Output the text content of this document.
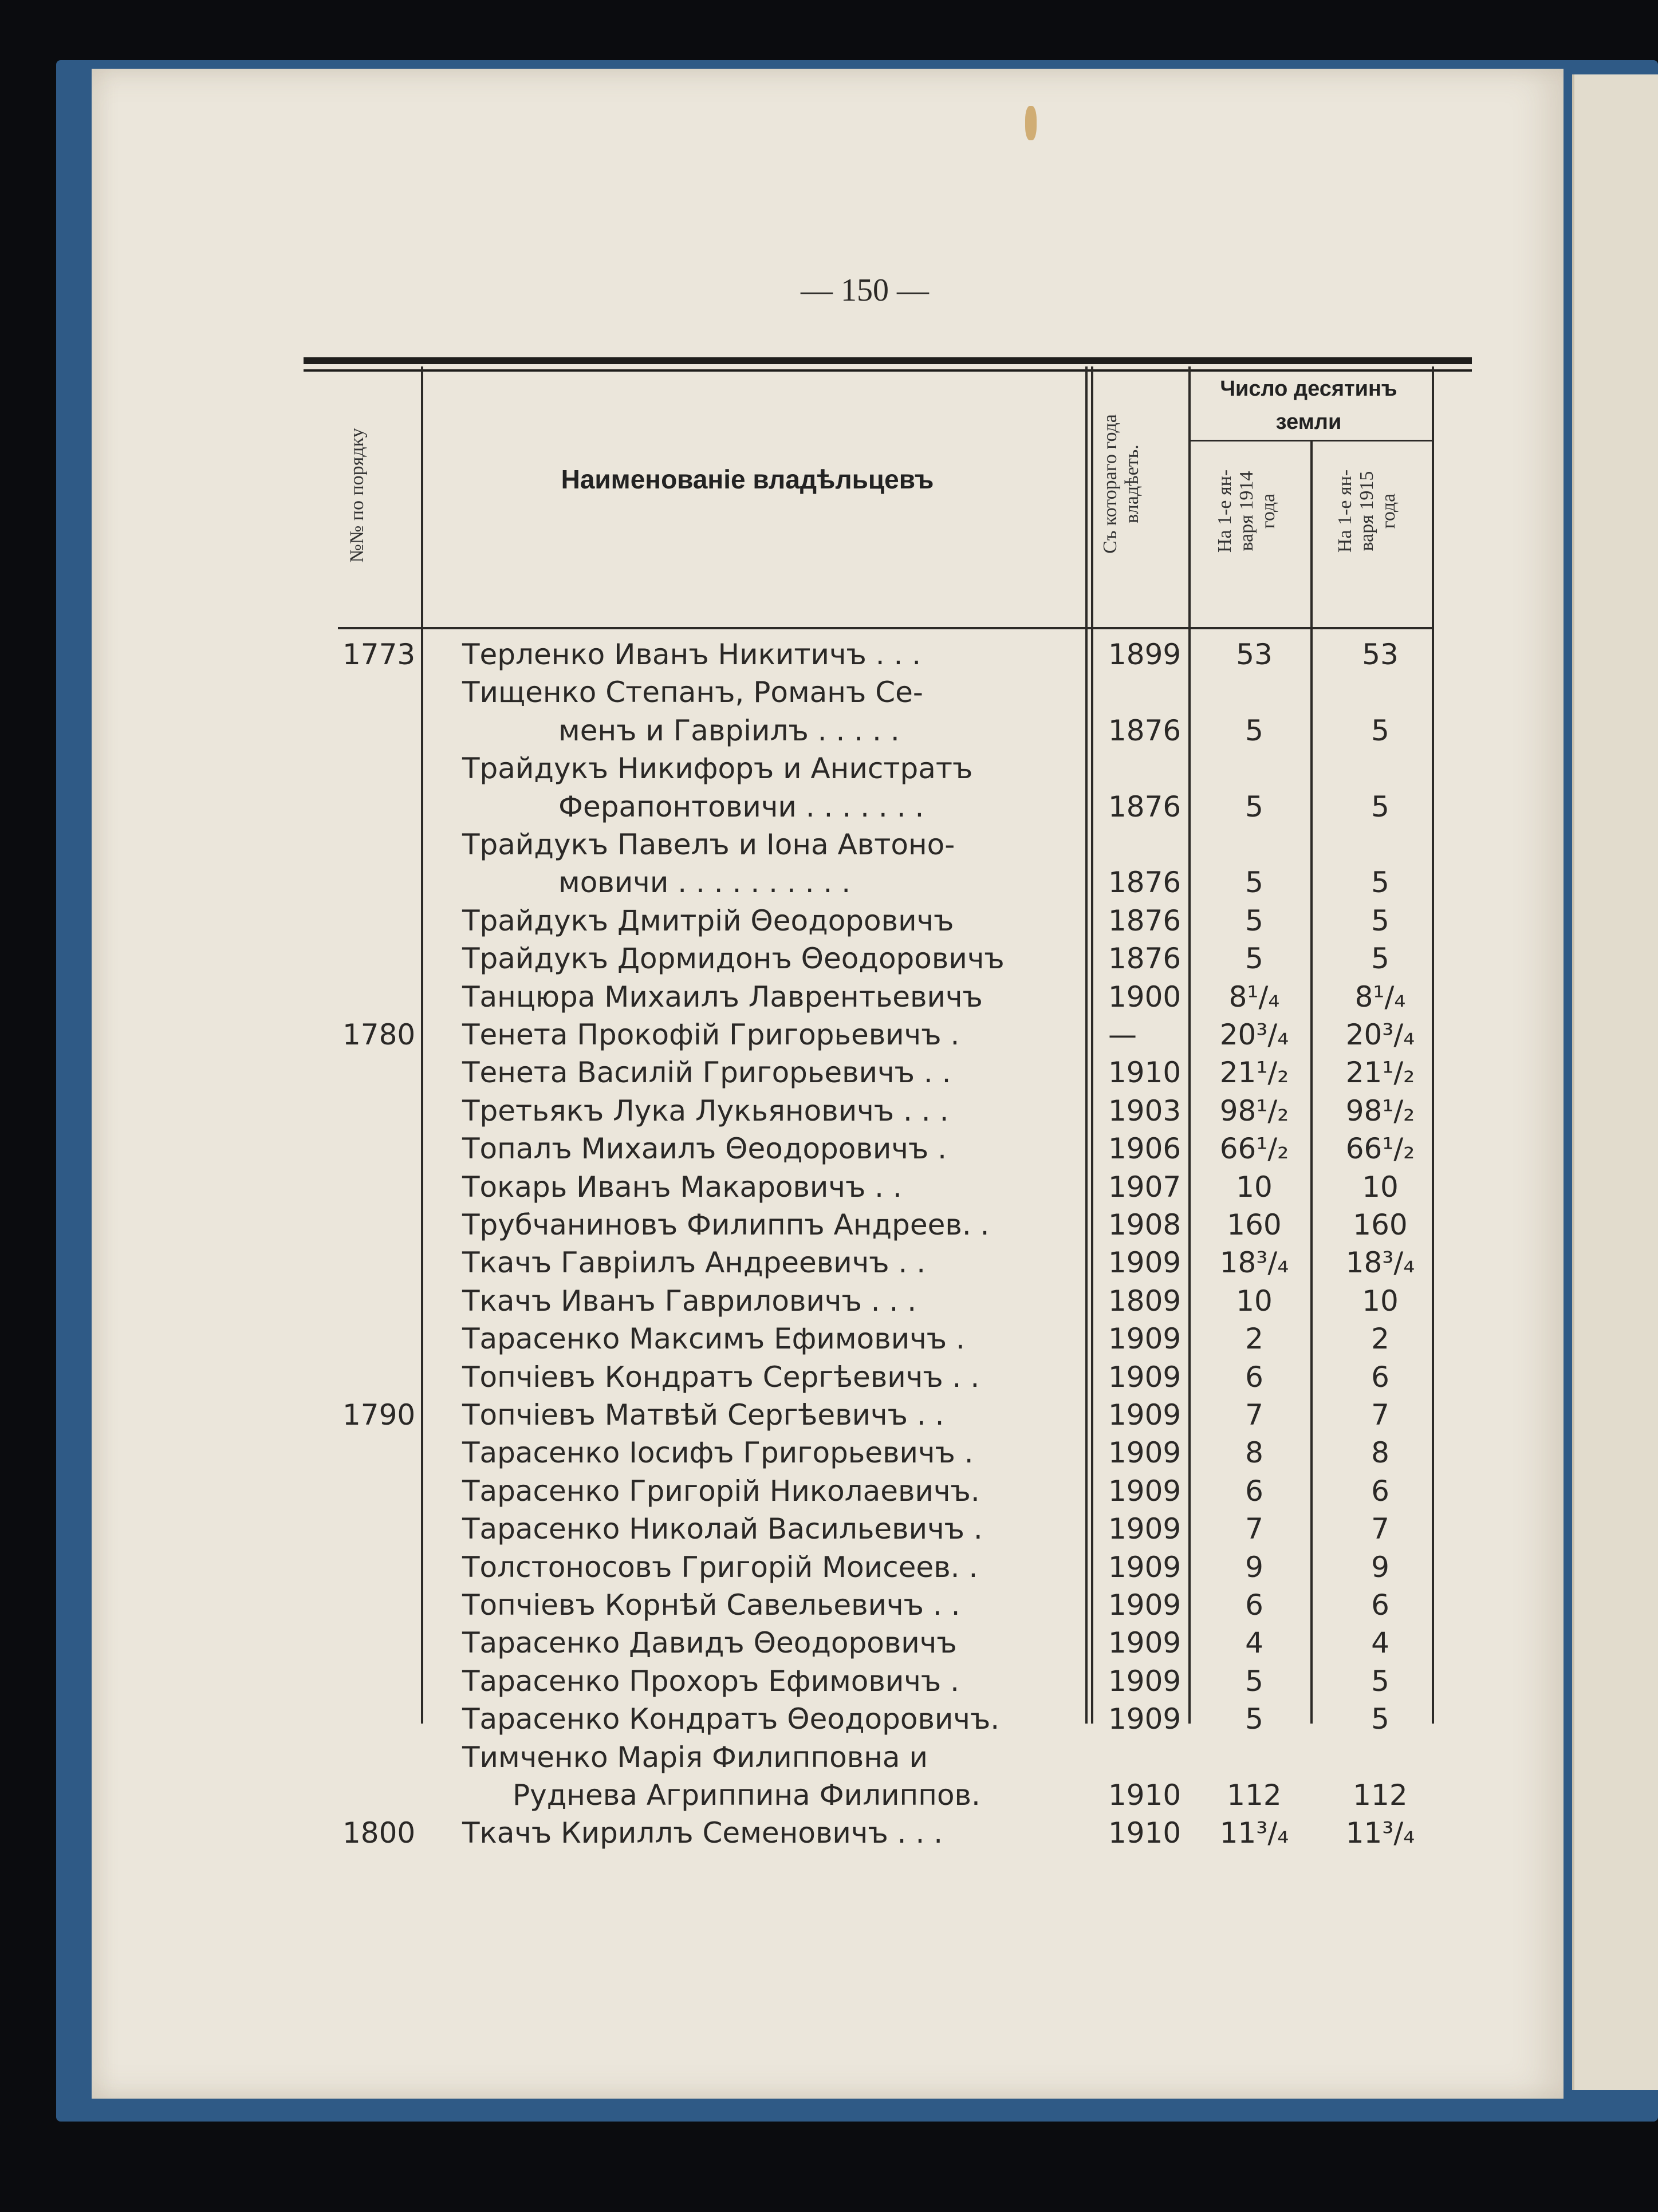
— 150 —
Наименованіе владѣльцевъ
Число десятинъ земли
№№ по порядку	Съ котораго года владѣеть.
На 1-е ян-
варя 1914
года
На 1-е ян-
варя 1915
года
1773 Терленко Иванъ Никитичъ . . .	1899	53	53
Тищенко Степанъ, Романъ Се-
менъ и Гавріилъ . . . . .	1876	5	5
Трайдукъ Никифоръ и Анистратъ
Ферапонтовичи . . . . . . .	1876	5	5
Трайдукъ Павелъ и Іона Автоно-
мовичи . . . . . . . . . .	1876	5	5
Трайдукъ Дмитрій Θеодоровичъ	1876	5	5
Трайдукъ Дормидонъ Θеодоровичъ	1876	5	5
Танцюра Михаилъ Лаврентьевичъ	1900	8¹/₄	8¹/₄
1780 Тенета Прокофій Григорьевичъ .	—	20³/₄	20³/₄
Тенета Василій Григорьевичъ . .	1910	21¹/₂	21¹/₂
Третьякъ Лука Лукьяновичъ . . .	1903	98¹/₂	98¹/₂
Топалъ Михаилъ Θеодоровичъ .	1906	66¹/₂	66¹/₂
Токарь Иванъ Макаровичъ . .	1907	10	10
Трубчаниновъ Филиппъ Андреев. .	1908	160	160
Ткачъ Гавріилъ Андреевичъ . .	1909	18³/₄	18³/₄
Ткачъ Иванъ Гавриловичъ . . .	1809	10	10
Тарасенко Максимъ Ефимовичъ .	1909	2	2
Топчіевъ Кондратъ Сергѣевичъ . .	1909	6	6
1790 Топчіевъ Матвѣй Сергѣевичъ . .	1909	7	7
Тарасенко Іосифъ Григорьевичъ .	1909	8	8
Тарасенко Григорій Николаевичъ.	1909	6	6
Тарасенко Николай Васильевичъ .	1909	7	7
Толстоносовъ Григорій Моисеев. .	1909	9	9
Топчіевъ Корнѣй Савельевичъ . .	1909	6	6
Тарасенко Давидъ Θеодоровичъ	1909	4	4
Тарасенко Прохоръ Ефимовичъ .	1909	5	5
Тарасенко Кондратъ Θеодоровичъ.	1909	5	5
Тимченко Марія Филипповна и
Руднева Агриппина Филиппов.	1910	112	112
1800 Ткачъ Кириллъ Семеновичъ . . .	1910	11³/₄	11³/₄
